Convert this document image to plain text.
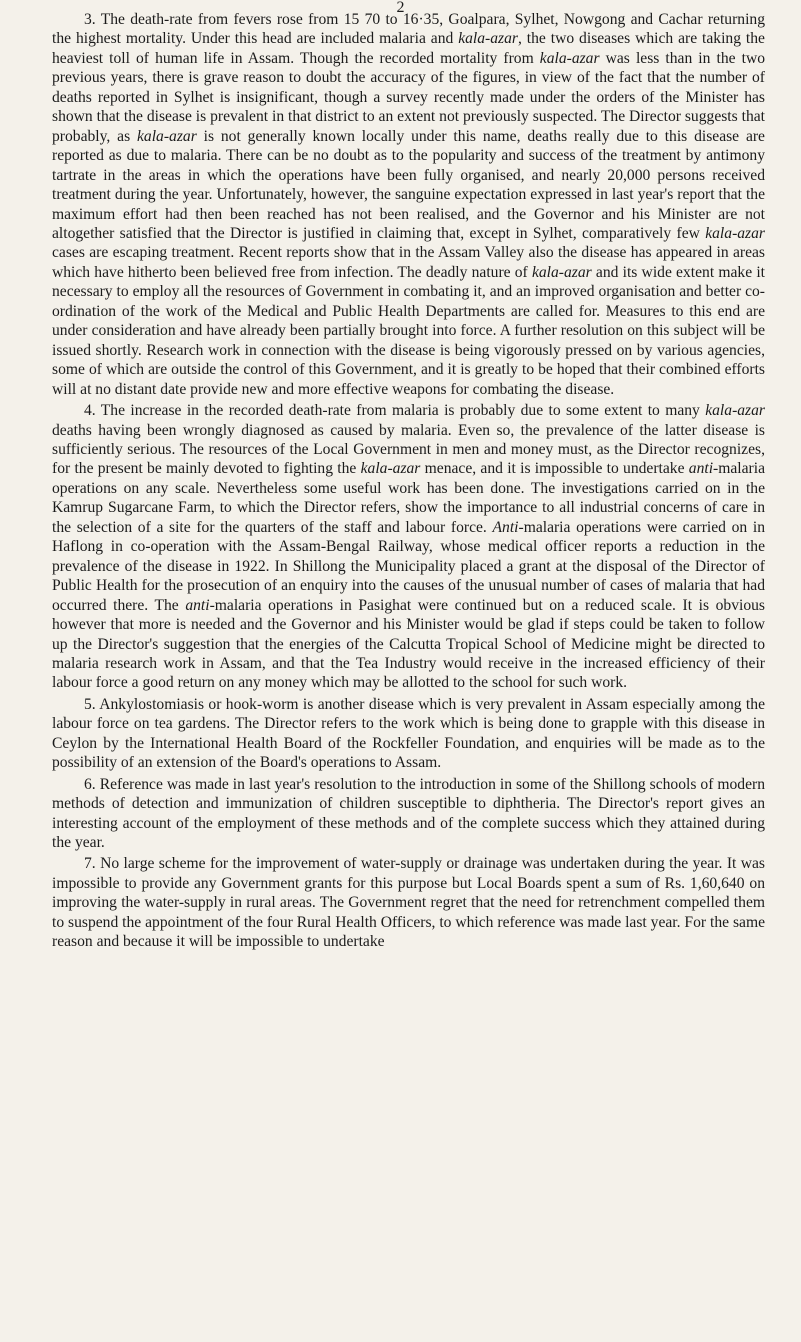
2

3. The death-rate from fevers rose from 15 70 to 16·35, Goalpara, Sylhet, Nowgong and Cachar returning the highest mortality. Under this head are included malaria and kala-azar, the two diseases which are taking the heaviest toll of human life in Assam. Though the recorded mortality from kala-azar was less than in the two previous years, there is grave reason to doubt the accuracy of the figures, in view of the fact that the number of deaths reported in Sylhet is insignificant, though a survey recently made under the orders of the Minister has shown that the disease is prevalent in that district to an extent not previously suspected. The Director suggests that probably, as kala-azar is not generally known locally under this name, deaths really due to this disease are reported as due to malaria. There can be no doubt as to the popularity and success of the treatment by antimony tartrate in the areas in which the operations have been fully organised, and nearly 20,000 persons received treatment during the year. Unfortunately, however, the sanguine expectation expressed in last year's report that the maximum effort had then been reached has not been realised, and the Governor and his Minister are not altogether satisfied that the Director is justified in claiming that, except in Sylhet, comparatively few kala-azar cases are escaping treatment. Recent reports show that in the Assam Valley also the disease has appeared in areas which have hitherto been believed free from infection. The deadly nature of kala-azar and its wide extent make it necessary to employ all the resources of Government in combating it, and an improved organisation and better co-ordination of the work of the Medical and Public Health Departments are called for. Measures to this end are under consideration and have already been partially brought into force. A further resolution on this subject will be issued shortly. Research work in connection with the disease is being vigorously pressed on by various agencies, some of which are outside the control of this Government, and it is greatly to be hoped that their combined efforts will at no distant date provide new and more effective weapons for combating the disease.

4. The increase in the recorded death-rate from malaria is probably due to some extent to many kala-azar deaths having been wrongly diagnosed as caused by malaria. Even so, the prevalence of the latter disease is sufficiently serious. The resources of the Local Government in men and money must, as the Director recognizes, for the present be mainly devoted to fighting the kala-azar menace, and it is impossible to undertake anti-malaria operations on any scale. Nevertheless some useful work has been done. The investigations carried on in the Kamrup Sugarcane Farm, to which the Director refers, show the importance to all industrial concerns of care in the selection of a site for the quarters of the staff and labour force. Anti-malaria operations were carried on in Haflong in co-operation with the Assam-Bengal Railway, whose medical officer reports a reduction in the prevalence of the disease in 1922. In Shillong the Municipality placed a grant at the disposal of the Director of Public Health for the prosecution of an enquiry into the causes of the unusual number of cases of malaria that had occurred there. The anti-malaria operations in Pasighat were continued but on a reduced scale. It is obvious however that more is needed and the Governor and his Minister would be glad if steps could be taken to follow up the Director's suggestion that the energies of the Calcutta Tropical School of Medicine might be directed to malaria research work in Assam, and that the Tea Industry would receive in the increased efficiency of their labour force a good return on any money which may be allotted to the school for such work.

5. Ankylostomiasis or hook-worm is another disease which is very prevalent in Assam especially among the labour force on tea gardens. The Director refers to the work which is being done to grapple with this disease in Ceylon by the International Health Board of the Rockfeller Foundation, and enquiries will be made as to the possibility of an extension of the Board's operations to Assam.

6. Reference was made in last year's resolution to the introduction in some of the Shillong schools of modern methods of detection and immunization of children susceptible to diphtheria. The Director's report gives an interesting account of the employment of these methods and of the complete success which they attained during the year.

7. No large scheme for the improvement of water-supply or drainage was undertaken during the year. It was impossible to provide any Government grants for this purpose but Local Boards spent a sum of Rs. 1,60,640 on improving the water-supply in rural areas. The Government regret that the need for retrenchment compelled them to suspend the appointment of the four Rural Health Officers, to which reference was made last year. For the same reason and because it will be impossible to undertake
